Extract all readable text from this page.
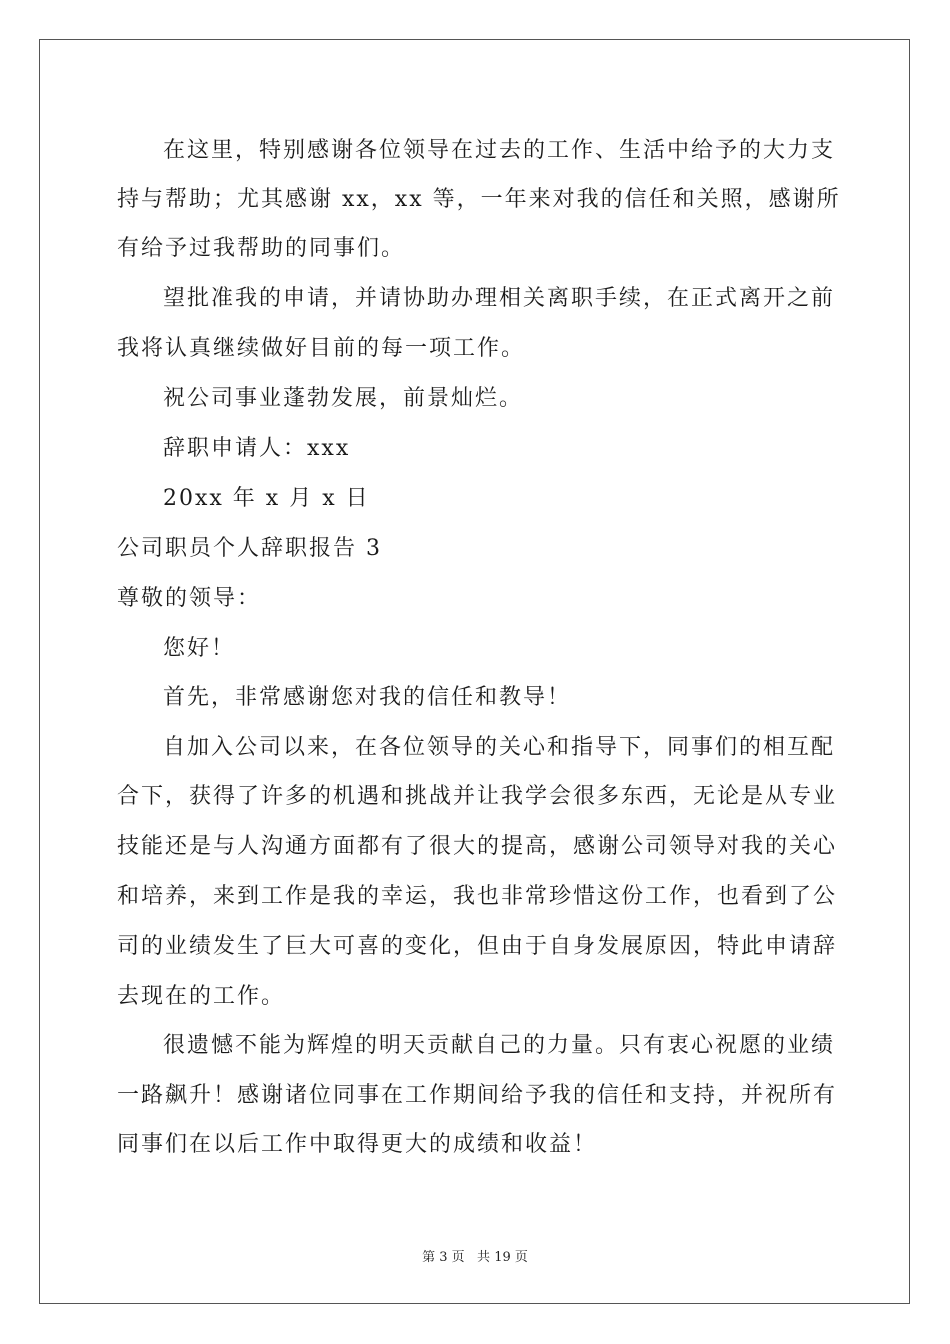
在这里，特别感谢各位领导在过去的工作、生活中给予的大力支
持与帮助；尤其感谢 xx，xx 等，一年来对我的信任和关照，感谢所
有给予过我帮助的同事们。
望批准我的申请，并请协助办理相关离职手续，在正式离开之前
我将认真继续做好目前的每一项工作。
祝公司事业蓬勃发展，前景灿烂。
辞职申请人：xxx
20xx 年 x 月 x 日
公司职员个人辞职报告 3
尊敬的领导：
您好！
首先，非常感谢您对我的信任和教导！
自加入公司以来，在各位领导的关心和指导下，同事们的相互配
合下，获得了许多的机遇和挑战并让我学会很多东西，无论是从专业
技能还是与人沟通方面都有了很大的提高，感谢公司领导对我的关心
和培养，来到工作是我的幸运，我也非常珍惜这份工作，也看到了公
司的业绩发生了巨大可喜的变化，但由于自身发展原因，特此申请辞
去现在的工作。
很遗憾不能为辉煌的明天贡献自己的力量。只有衷心祝愿的业绩
一路飙升！感谢诸位同事在工作期间给予我的信任和支持，并祝所有
同事们在以后工作中取得更大的成绩和收益！
第 3 页   共 19 页
